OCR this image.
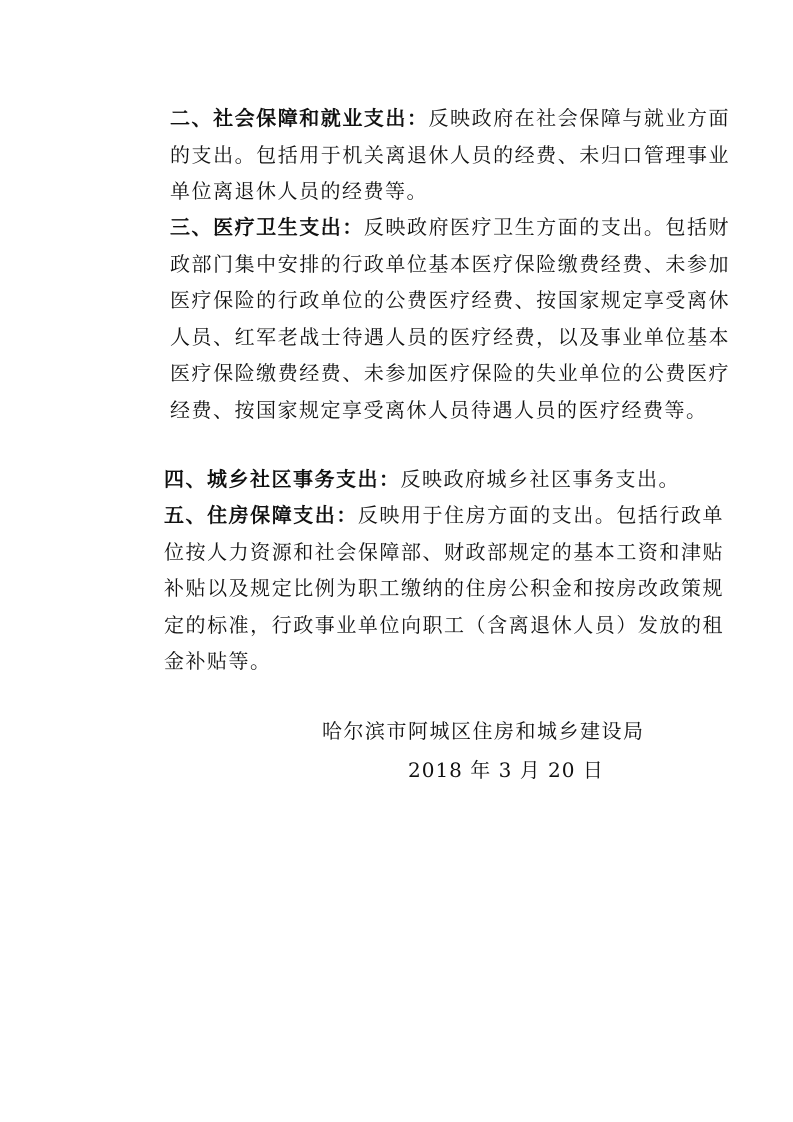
二、社会保障和就业支出：反映政府在社会保障与就业方面的支出。包括用于机关离退休人员的经费、未归口管理事业单位离退休人员的经费等。

三、医疗卫生支出：反映政府医疗卫生方面的支出。包括财政部门集中安排的行政单位基本医疗保险缴费经费、未参加医疗保险的行政单位的公费医疗经费、按国家规定享受离休人员、红军老战士待遇人员的医疗经费，以及事业单位基本医疗保险缴费经费、未参加医疗保险的失业单位的公费医疗经费、按国家规定享受离休人员待遇人员的医疗经费等。

四、城乡社区事务支出：反映政府城乡社区事务支出。

五、住房保障支出：反映用于住房方面的支出。包括行政单位按人力资源和社会保障部、财政部规定的基本工资和津贴补贴以及规定比例为职工缴纳的住房公积金和按房改政策规定的标准，行政事业单位向职工（含离退休人员）发放的租金补贴等。

哈尔滨市阿城区住房和城乡建设局

2018 年 3 月 20 日
